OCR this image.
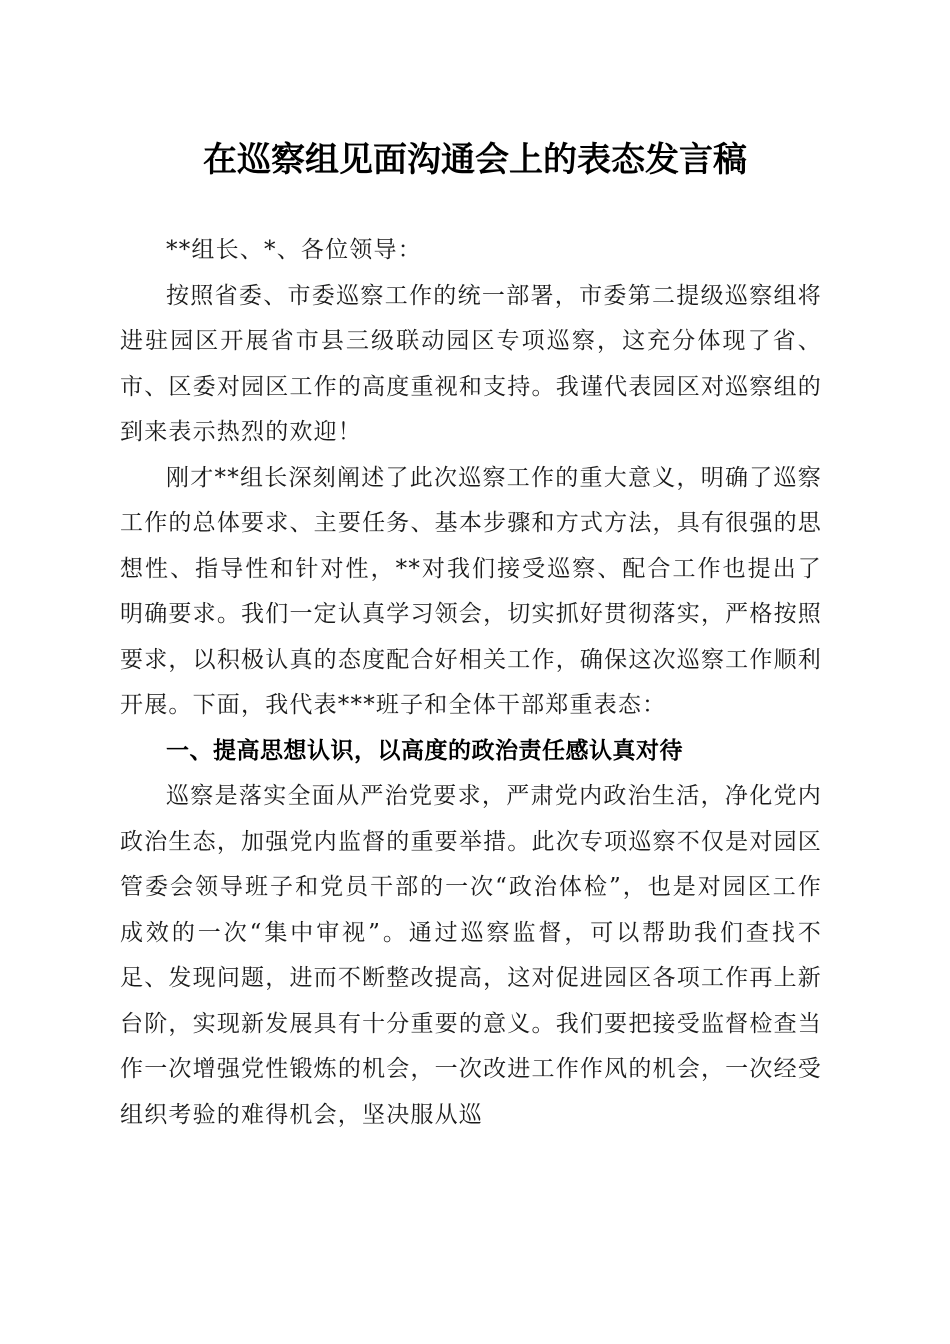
在巡察组见面沟通会上的表态发言稿

**组长、*、各位领导：

按照省委、市委巡察工作的统一部署，市委第二提级巡察组将进驻园区开展省市县三级联动园区专项巡察，这充分体现了省、市、区委对园区工作的高度重视和支持。我谨代表园区对巡察组的到来表示热烈的欢迎！

刚才**组长深刻阐述了此次巡察工作的重大意义，明确了巡察工作的总体要求、主要任务、基本步骤和方式方法，具有很强的思想性、指导性和针对性，**对我们接受巡察、配合工作也提出了明确要求。我们一定认真学习领会，切实抓好贯彻落实，严格按照要求，以积极认真的态度配合好相关工作，确保这次巡察工作顺利开展。下面，我代表***班子和全体干部郑重表态：

一、提高思想认识，以高度的政治责任感认真对待

巡察是落实全面从严治党要求，严肃党内政治生活，净化党内政治生态，加强党内监督的重要举措。此次专项巡察不仅是对园区管委会领导班子和党员干部的一次“政治体检”，也是对园区工作成效的一次“集中审视”。通过巡察监督，可以帮助我们查找不足、发现问题，进而不断整改提高，这对促进园区各项工作再上新台阶，实现新发展具有十分重要的意义。我们要把接受监督检查当作一次增强党性锻炼的机会，一次改进工作作风的机会，一次经受组织考验的难得机会，坚决服从巡
